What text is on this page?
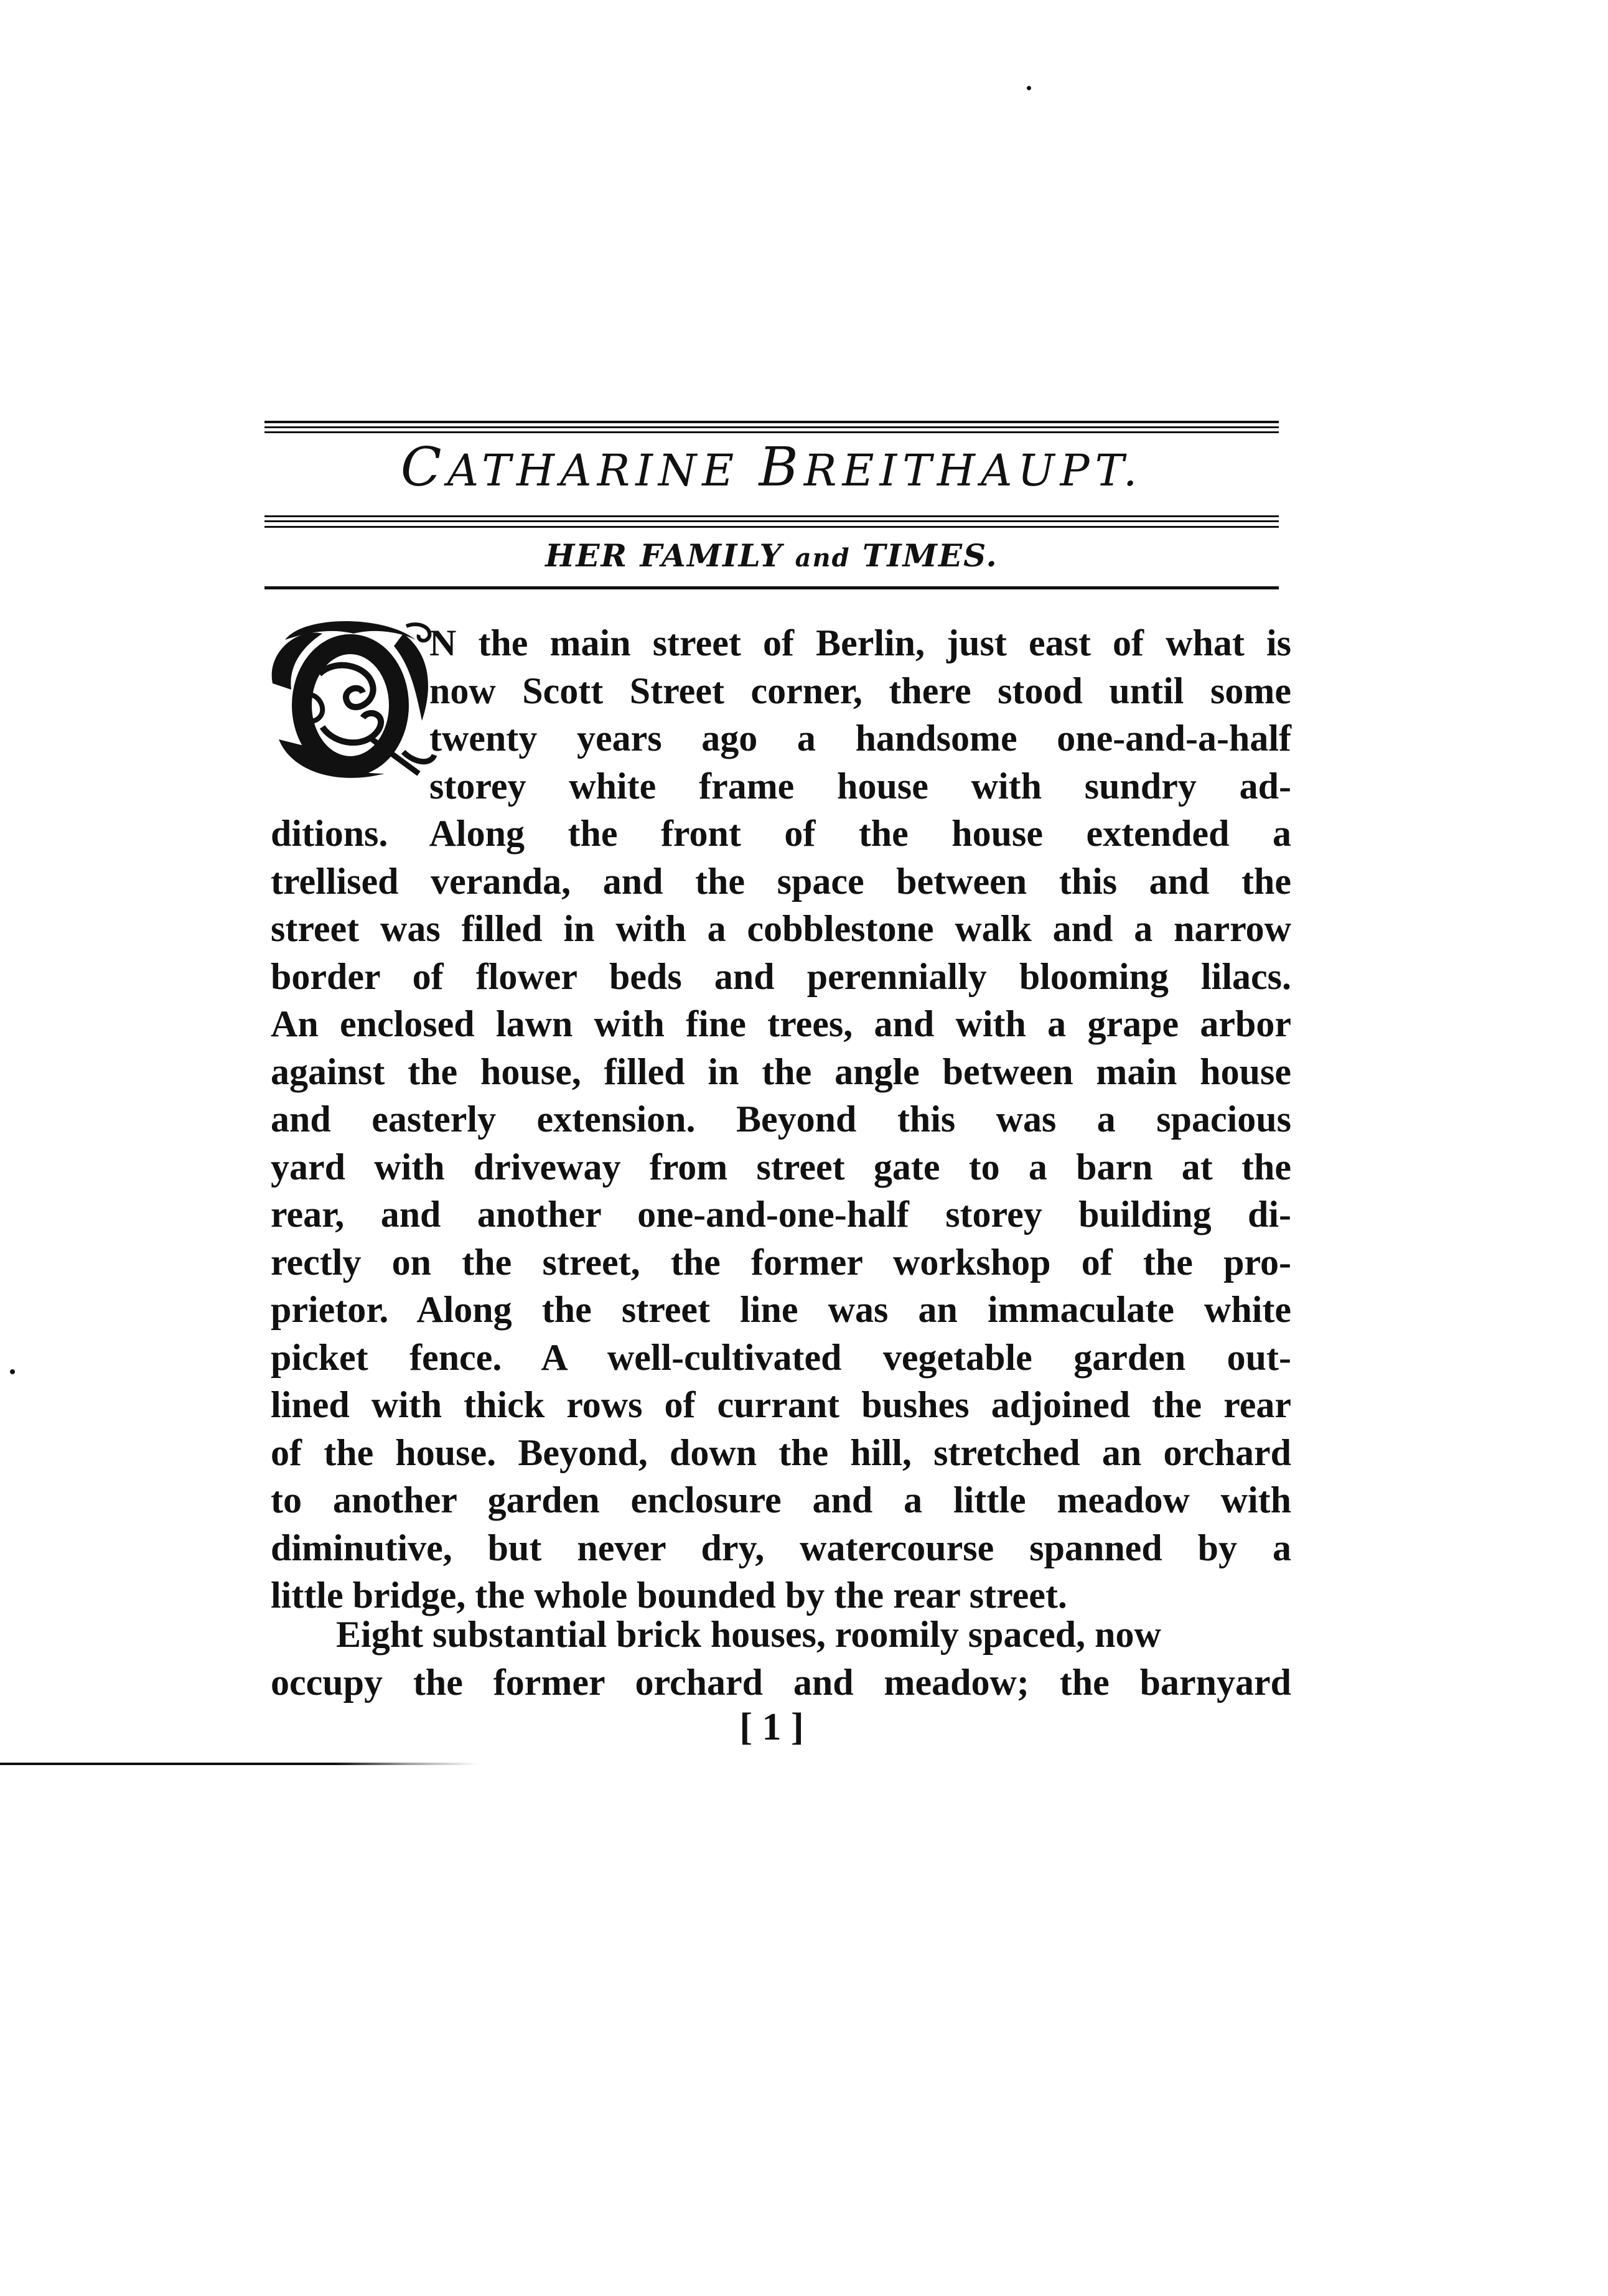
CATHARINE BREITHAUPT.
HER FAMILY and TIMES.
O
N the main street of Berlin, just east of what is
now Scott Street corner, there stood until some
twenty years ago a handsome one-and-a-half
storey white frame house with sundry ad-
ditions. Along the front of the house extended a
trellised veranda, and the space between this and the
street was filled in with a cobblestone walk and a narrow
border of flower beds and perennially blooming lilacs.
An enclosed lawn with fine trees, and with a grape arbor
against the house, filled in the angle between main house
and easterly extension. Beyond this was a spacious
yard with driveway from street gate to a barn at the
rear, and another one-and-one-half storey building di-
rectly on the street, the former workshop of the pro-
prietor. Along the street line was an immaculate white
picket fence. A well-cultivated vegetable garden out-
lined with thick rows of currant bushes adjoined the rear
of the house. Beyond, down the hill, stretched an orchard
to another garden enclosure and a little meadow with
diminutive, but never dry, watercourse spanned by a
little bridge, the whole bounded by the rear street.
Eight substantial brick houses, roomily spaced, now
occupy the former orchard and meadow; the barnyard
[ 1 ]
